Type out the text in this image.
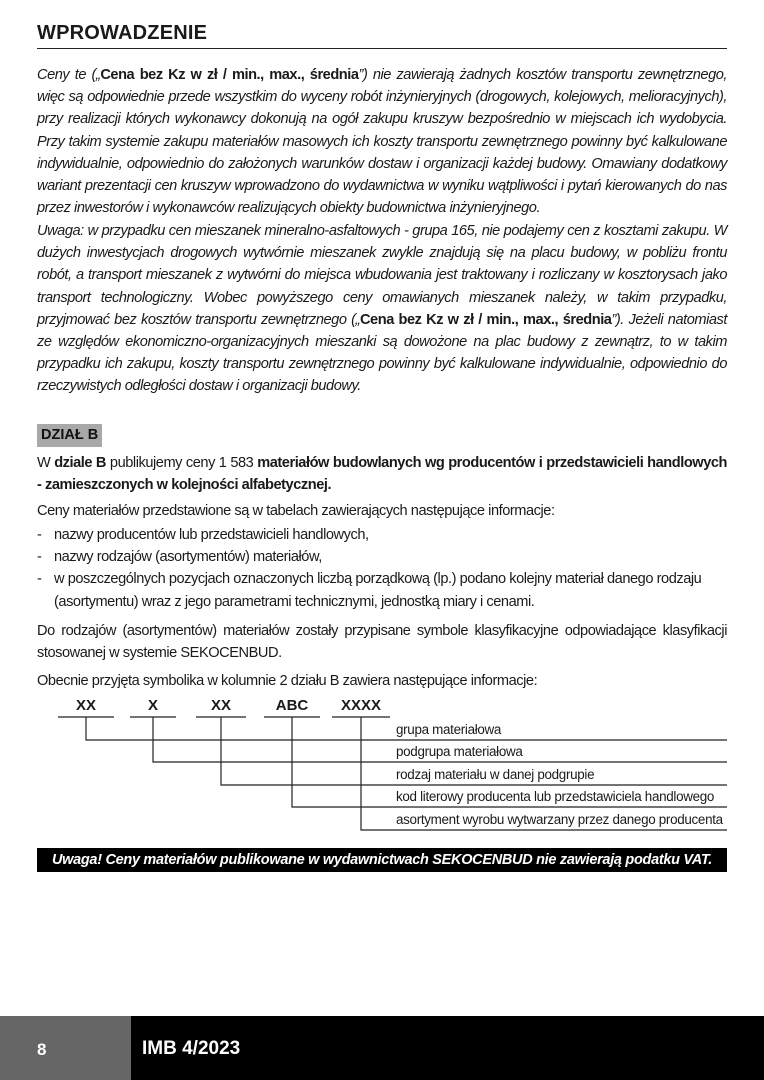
WPROWADZENIE

Ceny te („Cena bez Kz w zł / min., max., średnia”) nie zawierają żadnych kosztów transportu zewnętrznego, więc są odpowiednie przede wszystkim do wyceny robót inżynieryjnych (drogowych, kolejowych, melioracyjnych), przy realizacji których wykonawcy dokonują na ogół zakupu kruszyw bezpośrednio w miejscach ich wydobycia. Przy takim systemie zakupu materiałów masowych ich koszty transportu zewnętrznego powinny być kalkulowane indywidualnie, odpowiednio do założonych warunków dostaw i organizacji każdej budowy. Omawiany dodatkowy wariant prezentacji cen kruszyw wprowadzono do wydawnictwa w wyniku wątpliwości i pytań kierowanych do nas przez inwestorów i wykonawców realizujących obiekty budownictwa inżynieryjnego.

Uwaga: w przypadku cen mieszanek mineralno-asfaltowych - grupa 165, nie podajemy cen z kosztami zakupu. W dużych inwestycjach drogowych wytwórnie mieszanek zwykle znajdują się na placu budowy, w pobliżu frontu robót, a transport mieszanek z wytwórni do miejsca wbudowania jest traktowany i rozliczany w kosztorysach jako transport technologiczny. Wobec powyższego ceny omawianych mieszanek należy, w takim przypadku, przyjmować bez kosztów transportu zewnętrznego („Cena bez Kz w zł / min., max., średnia”). Jeżeli natomiast ze względów ekonomiczno-organizacyjnych mieszanki są dowożone na plac budowy z zewnątrz, to w takim przypadku ich zakupu, koszty transportu zewnętrznego powinny być kalkulowane indywidualnie, odpowiednio do rzeczywistych odległości dostaw i organizacji budowy.

DZIAŁ B

W dziale B publikujemy ceny 1 583 materiałów budowlanych wg producentów i przedstawicieli handlowych - zamieszczonych w kolejności alfabetycznej.

Ceny materiałów przedstawione są w tabelach zawierających następujące informacje:

- nazwy producentów lub przedstawicieli handlowych,
- nazwy rodzajów (asortymentów) materiałów,
- w poszczególnych pozycjach oznaczonych liczbą porządkową (lp.) podano kolejny materiał danego rodzaju (asortymentu) wraz z jego parametrami technicznymi, jednostką miary i cenami.

Do rodzajów (asortymentów) materiałów zostały przypisane symbole klasyfikacyjne odpowiadające klasyfikacji stosowanej w systemie SEKOCENBUD.

Obecnie przyjęta symbolika w kolumnie 2 działu B zawiera następujące informacje:

XX	X	XX	ABC	XXXX
grupa materiałowa
podgrupa materiałowa
rodzaj materiału w danej podgrupie
kod literowy producenta lub przedstawiciela handlowego
asortyment wyrobu wytwarzany przez danego producenta
Uwaga! Ceny materiałów publikowane w wydawnictwach SEKOCENBUD nie zawierają podatku VAT.
8	IMB 4/2023
